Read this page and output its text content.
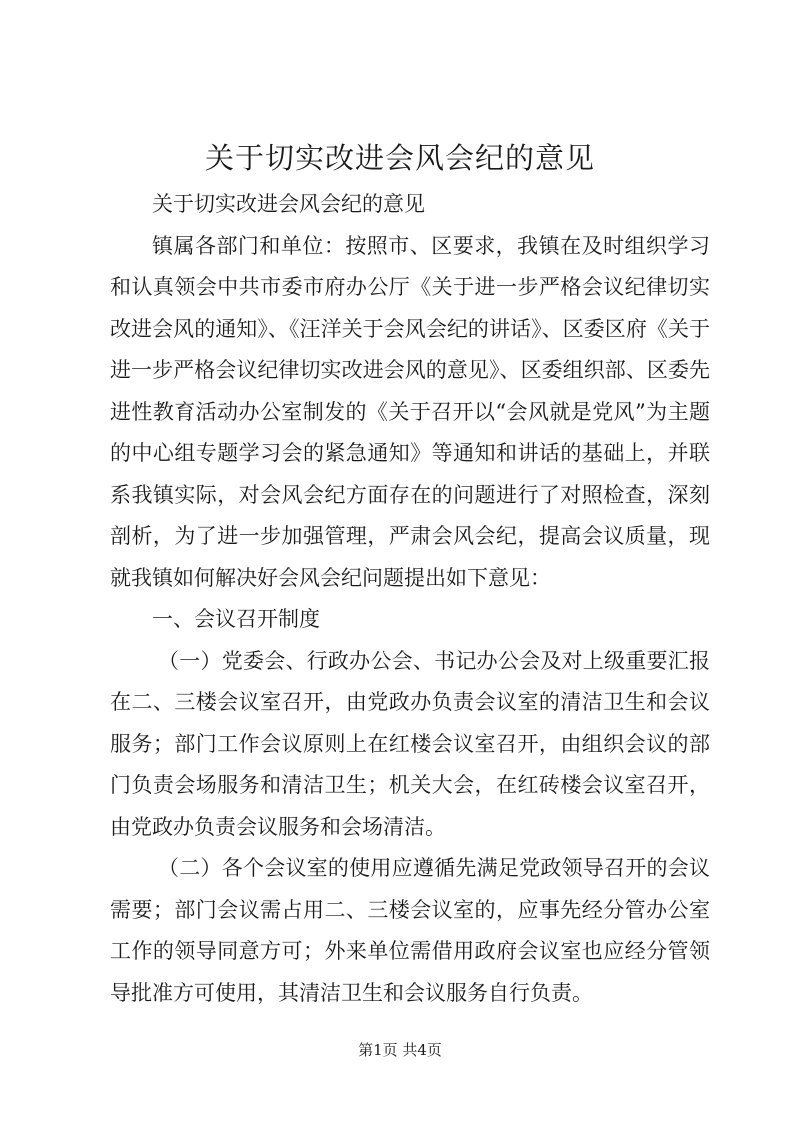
关于切实改进会风会纪的意见

关于切实改进会风会纪的意见

镇属各部门和单位：按照市、区要求，我镇在及时组织学习和认真领会中共市委市府办公厅《关于进一步严格会议纪律切实改进会风的通知》、《汪洋关于会风会纪的讲话》、区委区府《关于进一步严格会议纪律切实改进会风的意见》、区委组织部、区委先进性教育活动办公室制发的《关于召开以“会风就是党风”为主题的中心组专题学习会的紧急通知》等通知和讲话的基础上，并联系我镇实际，对会风会纪方面存在的问题进行了对照检查，深刻剖析，为了进一步加强管理，严肃会风会纪，提高会议质量，现就我镇如何解决好会风会纪问题提出如下意见：

一、会议召开制度

（一）党委会、行政办公会、书记办公会及对上级重要汇报在二、三楼会议室召开，由党政办负责会议室的清洁卫生和会议服务；部门工作会议原则上在红楼会议室召开，由组织会议的部门负责会场服务和清洁卫生；机关大会，在红砖楼会议室召开，由党政办负责会议服务和会场清洁。

（二）各个会议室的使用应遵循先满足党政领导召开的会议需要；部门会议需占用二、三楼会议室的，应事先经分管办公室工作的领导同意方可；外来单位需借用政府会议室也应经分管领导批准方可使用，其清洁卫生和会议服务自行负责。

第1页 共4页
